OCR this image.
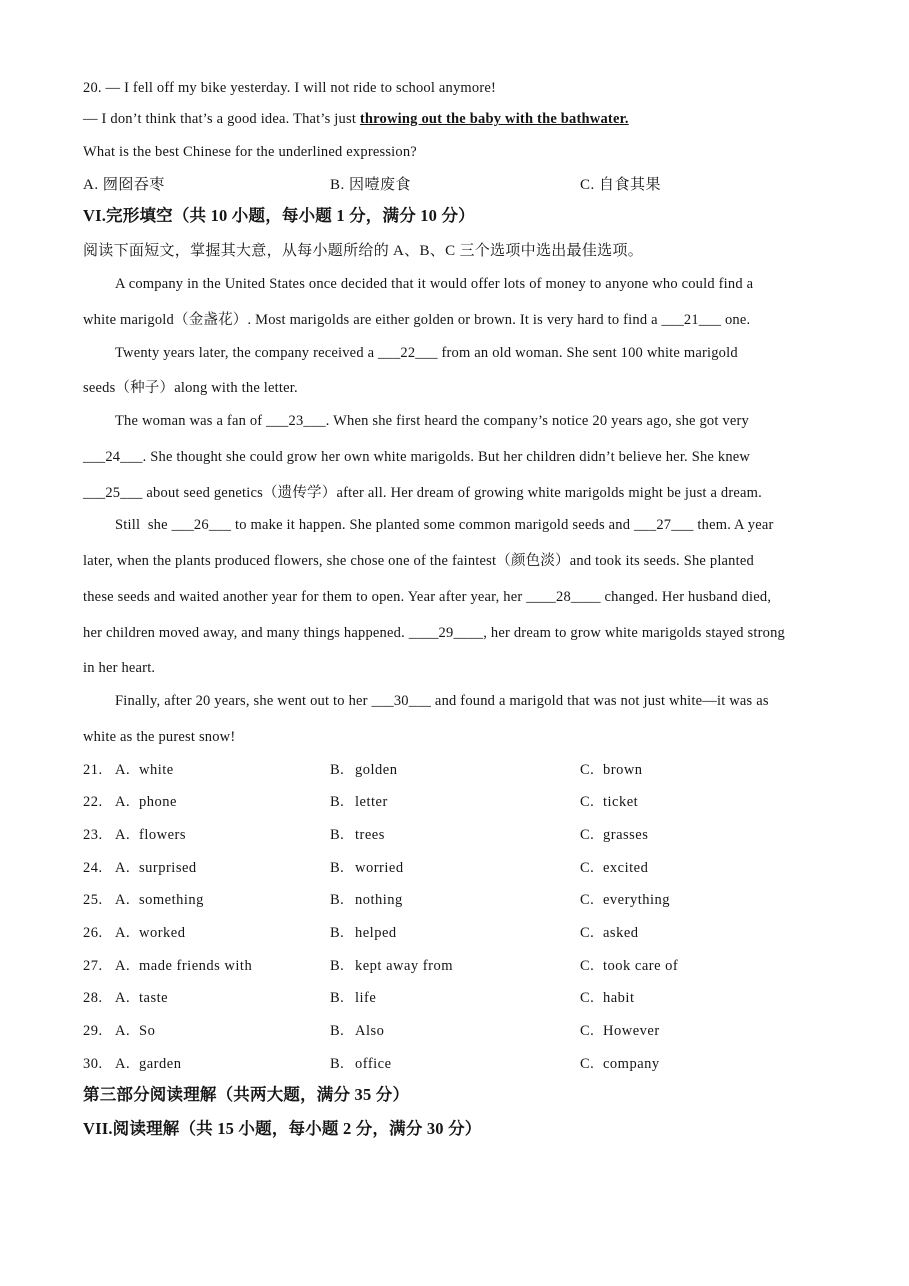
20. — I fell off my bike yesterday. I will not ride to school anymore!
— I don’t think that’s a good idea. That’s just throwing out the baby with the bathwater.
What is the best Chinese for the underlined expression?
A. 囫囵吞枣	B. 因噎废食	C. 自食其果
VI.完形填空（共 10 小题，每小题 1 分，满分 10 分）
阅读下面短文，掌握其大意，从每小题所给的 A、B、C 三个选项中选出最佳选项。
A company in the United States once decided that it would offer lots of money to anyone who could find a
white marigold（金盏花）. Most marigolds are either golden or brown. It is very hard to find a ___21___ one.
Twenty years later, the company received a ___22___ from an old woman. She sent 100 white marigold
seeds（种子）along with the letter.
The woman was a fan of ___23___. When she first heard the company’s notice 20 years ago, she got very
___24___. She thought she could grow her own white marigolds. But her children didn’t believe her. She knew
___25___ about seed genetics（遗传学）after all. Her dream of growing white marigolds might be just a dream.
Still  she ___26___ to make it happen. She planted some common marigold seeds and ___27___ them. A year
later, when the plants produced flowers, she chose one of the faintest（颜色淡）and took its seeds. She planted
these seeds and waited another year for them to open. Year after year, her ____28____ changed. Her husband died,
her children moved away, and many things happened. ____29____, her dream to grow white marigolds stayed strong
in her heart.
Finally, after 20 years, she went out to her ___30___ and found a marigold that was not just white—it was as
white as the purest snow!
21. A. white	B. golden	C. brown
22. A. phone	B. letter	C. ticket
23. A. flowers	B. trees	C. grasses
24. A. surprised	B. worried	C. excited
25. A. something	B. nothing	C. everything
26. A. worked	B. helped	C. asked
27. A. made friends with	B. kept away from	C. took care of
28. A. taste	B. life	C. habit
29. A. So	B. Also	C. However
30. A. garden	B. office	C. company
第三部分阅读理解（共两大题，满分 35 分）
VII.阅读理解（共 15 小题，每小题 2 分，满分 30 分）
